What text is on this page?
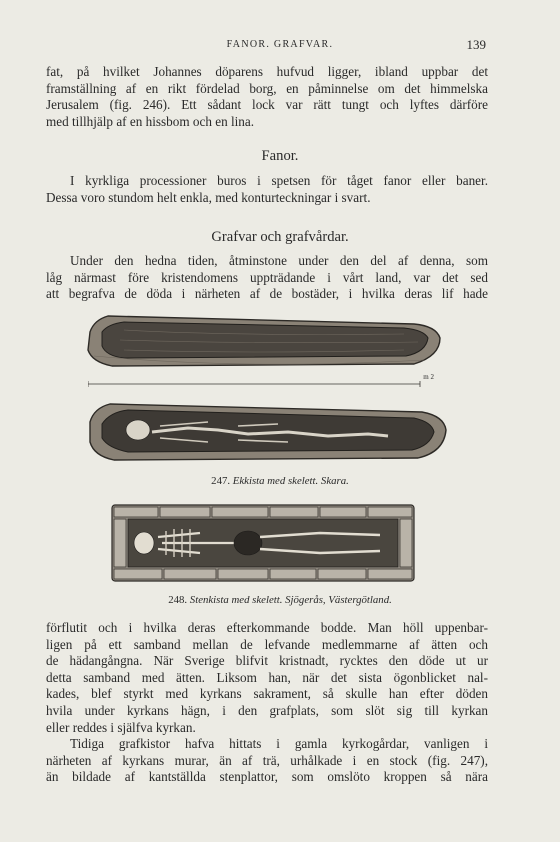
FANOR. GRAFVAR.	139
fat, på hvilket Johannes döparens hufvud ligger, ibland uppbar det
framställning af en rikt fördelad borg, en påminnelse om det himmelska
Jerusalem (fig. 246). Ett sådant lock var rätt tungt och lyftes därföre
med tillhjälp af en hissbom och en lina.
Fanor.
I kyrkliga processioner buros i spetsen för tåget fanor eller baner.
Dessa voro stundom helt enkla, med konturteckningar i svart.
Grafvar och grafvårdar.
Under den hedna tiden, åtminstone under den del af denna, som
låg närmast före kristendomens uppträdande i vårt land, var det sed
att begrafva de döda i närheten af de bostäder, i hvilka deras lif hade
m 2
247. Ekkista med skelett. Skara.
248. Stenkista med skelett. Sjögerås, Västergötland.
förflutit och i hvilka deras efterkommande bodde. Man höll uppenbar-
ligen på ett samband mellan de lefvande medlemmarne af ätten och
de hädangångna. När Sverige blifvit kristnadt, rycktes den döde ut ur
detta samband med ätten. Liksom han, när det sista ögonblicket nal-
kades, blef styrkt med kyrkans sakrament, så skulle han efter döden
hvila under kyrkans hägn, i den grafplats, som slöt sig till kyrkan
eller reddes i själfva kyrkan.
Tidiga grafkistor hafva hittats i gamla kyrkogårdar, vanligen i
närheten af kyrkans murar, än af trä, urhålkade i en stock (fig. 247),
än bildade af kantställda stenplattor, som omslöto kroppen så nära
